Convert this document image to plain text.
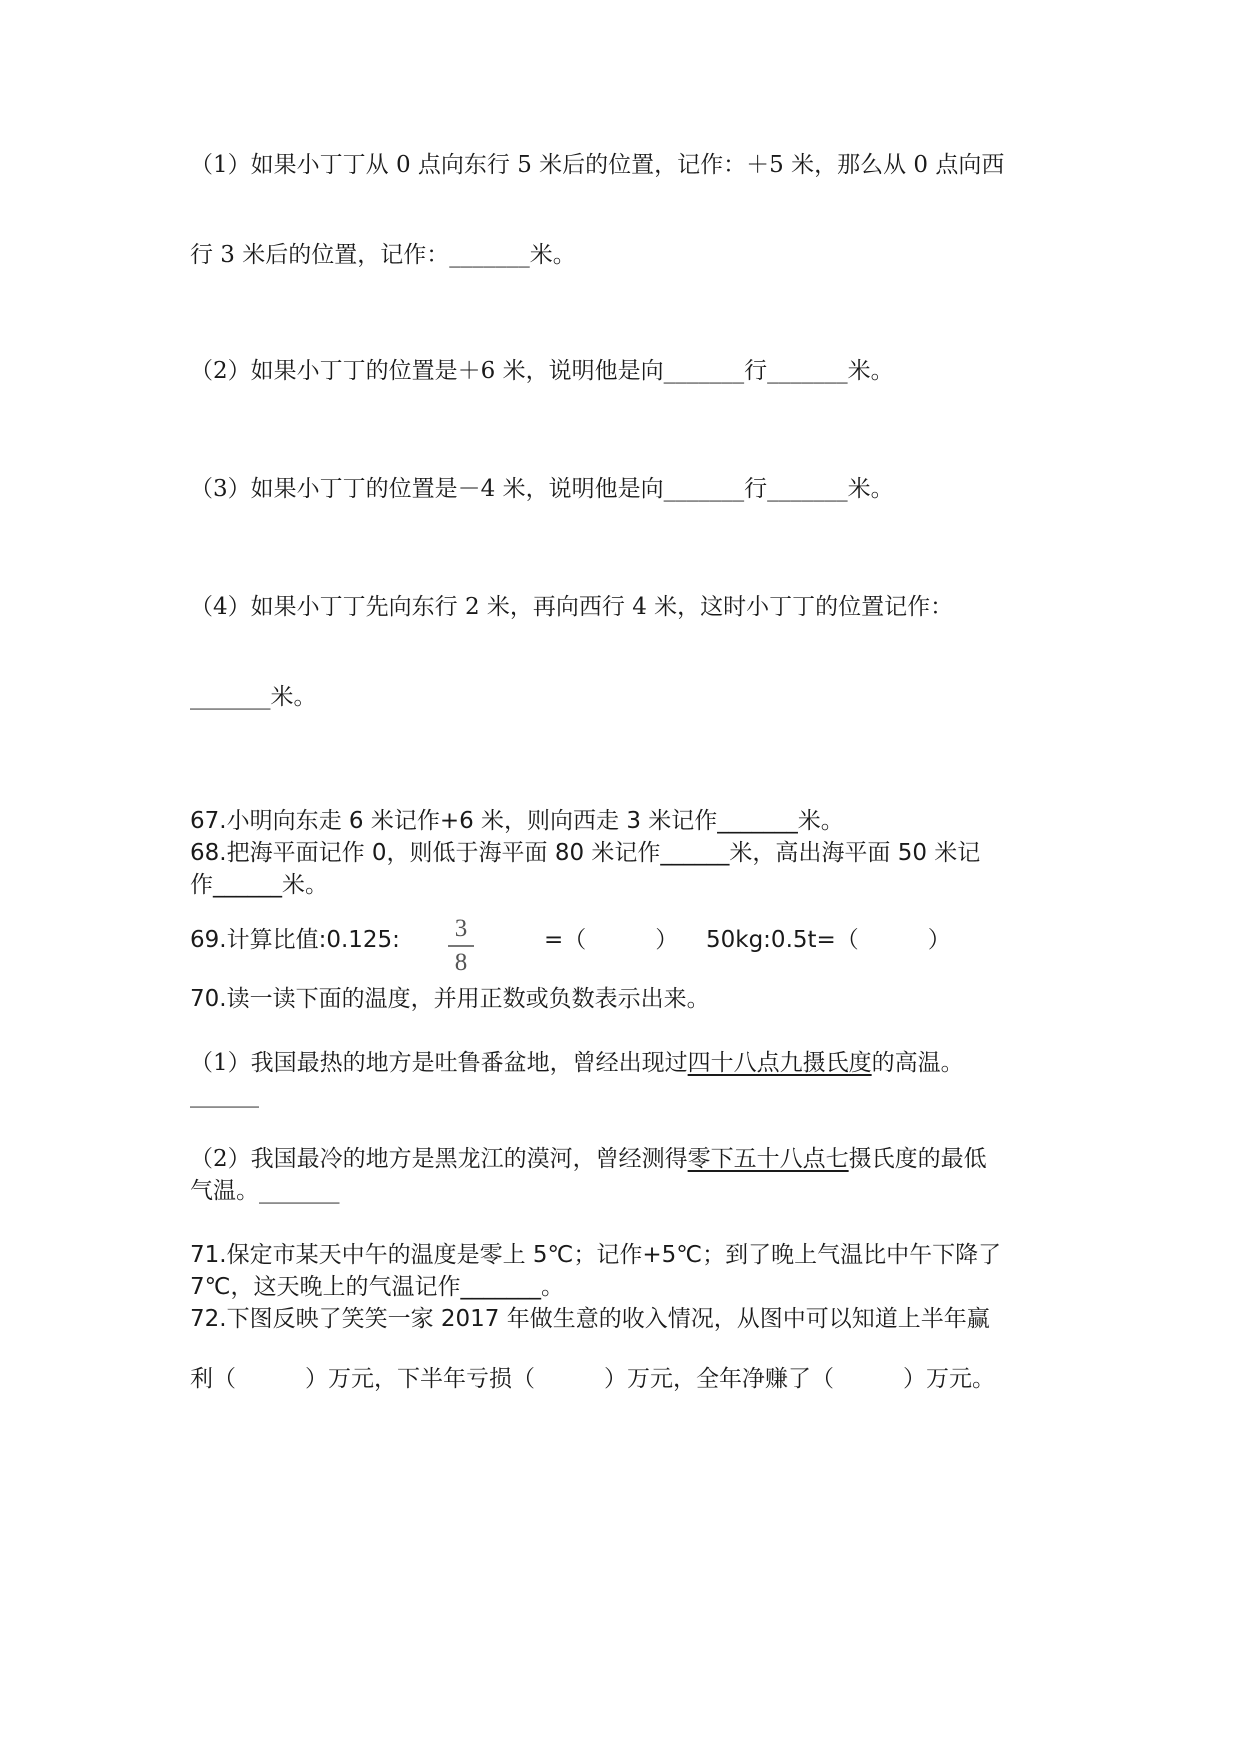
（1）如果小丁丁从 0 点向东行 5 米后的位置，记作：＋5 米，那么从 0 点向西
行 3 米后的位置，记作：_______米。
（2）如果小丁丁的位置是＋6 米，说明他是向_______行_______米。
（3）如果小丁丁的位置是－4 米，说明他是向_______行_______米。
（4）如果小丁丁先向东行 2 米，再向西行 4 米，这时小丁丁的位置记作：
_______米。
67.小明向东走 6 米记作+6 米，则向西走 3 米记作_______米。
68.把海平面记作 0，则低于海平面 80 米记作______米，高出海平面 50 米记
作______米。
69.计算比值:0.125: 3
8
=（　　　） 50kg:0.5t=（　　　）
70.读一读下面的温度，并用正数或负数表示出来。
（1）我国最热的地方是吐鲁番盆地，曾经出现过四十八点九摄氏度的高温。
______
（2）我国最冷的地方是黑龙江的漠河，曾经测得零下五十八点七摄氏度的最低
气温。_______
71.保定市某天中午的温度是零上 5℃；记作+5℃；到了晚上气温比中午下降了
7℃，这天晚上的气温记作_______。
72.下图反映了笑笑一家 2017 年做生意的收入情况，从图中可以知道上半年赢
利（　　　）万元，下半年亏损（　　　）万元，全年净赚了（　　　）万元。
